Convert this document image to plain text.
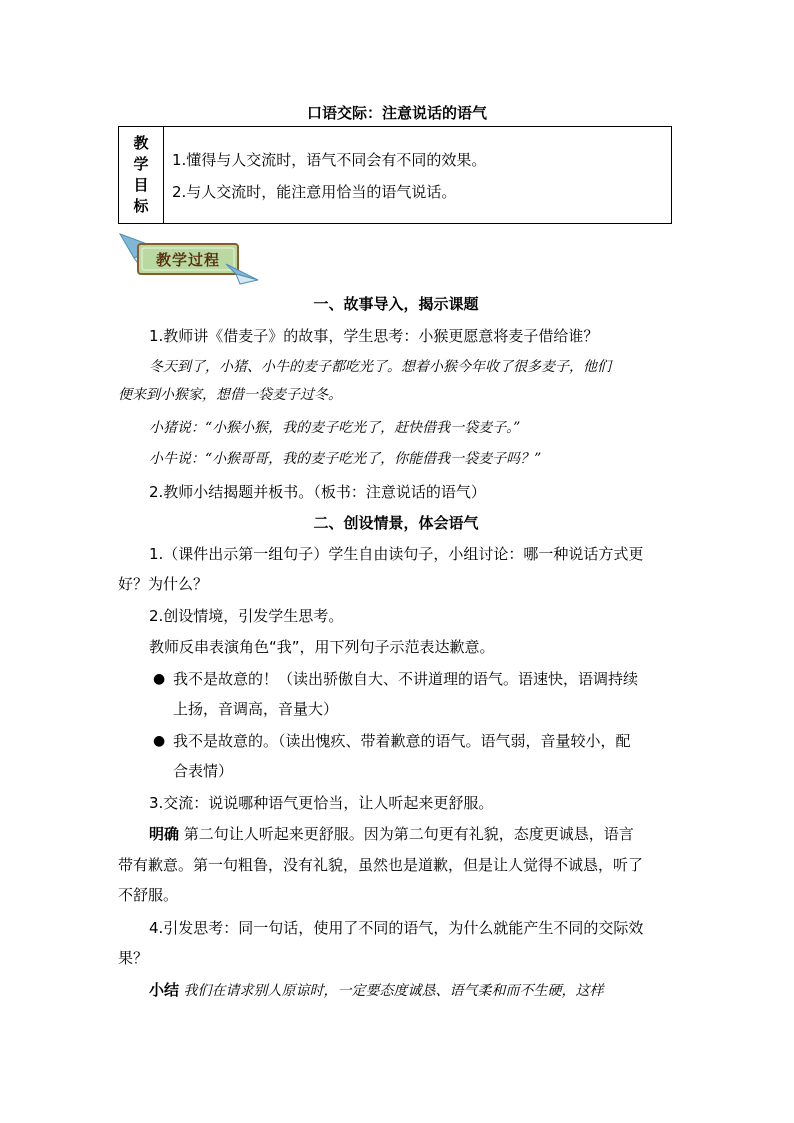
口语交际：注意说话的语气
教
学
目
标
1.懂得与人交流时，语气不同会有不同的效果。
2.与人交流时，能注意用恰当的语气说话。
教学过程
一、故事导入，揭示课题
1.教师讲《借麦子》的故事，学生思考：小猴更愿意将麦子借给谁？
冬天到了，小猪、小牛的麦子都吃光了。想着小猴今年收了很多麦子，他们
便来到小猴家，想借一袋麦子过冬。
小猪说：“小猴小猴，我的麦子吃光了，赶快借我一袋麦子。”
小牛说：“小猴哥哥，我的麦子吃光了，你能借我一袋麦子吗？”
2.教师小结揭题并板书。（板书：注意说话的语气）
二、创设情景，体会语气
1.（课件出示第一组句子）学生自由读句子，小组讨论：哪一种说话方式更
好？为什么？
2.创设情境，引发学生思考。
教师反串表演角色“我”，用下列句子示范表达歉意。
● 我不是故意的！（读出骄傲自大、不讲道理的语气。语速快，语调持续
上扬，音调高，音量大）
● 我不是故意的。（读出愧疚、带着歉意的语气。语气弱，音量较小，配
合表情）
3.交流：说说哪种语气更恰当，让人听起来更舒服。
明确 第二句让人听起来更舒服。因为第二句更有礼貌，态度更诚恳，语言
带有歉意。第一句粗鲁，没有礼貌，虽然也是道歉，但是让人觉得不诚恳，听了
不舒服。
4.引发思考：同一句话，使用了不同的语气，为什么就能产生不同的交际效
果？
小结 我们在请求别人原谅时，一定要态度诚恳、语气柔和而不生硬，这样
